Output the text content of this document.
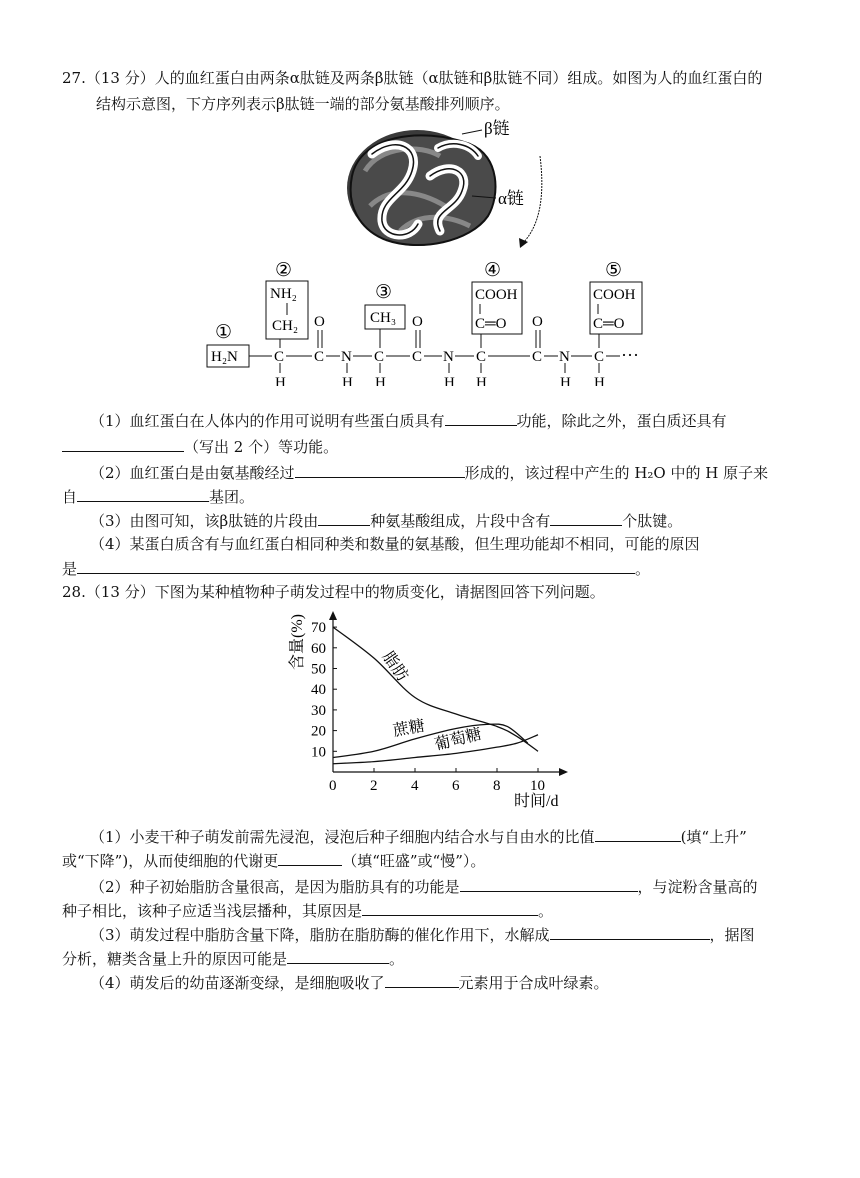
27.（13 分）人的血红蛋白由两条α肽链及两条β肽链（α肽链和β肽链不同）组成。如图为人的血红蛋白的
结构示意图，下方序列表示β肽链一端的部分氨基酸排列顺序。
β链
α链
①
②
③
④	⑤
H₂N
NH₂
CH₂	CH₃
COOH
C═O
COOH
C═O
C
H
C
O
N
H
C
H
C
O
N
H
C
H
C
O
N
H
C
H
···
（1）血红蛋白在人体内的作用可说明有些蛋白质具有	功能，除此之外，蛋白质还具有
（写出 2 个）等功能。
（2）血红蛋白是由氨基酸经过	形成的，该过程中产生的 H₂O 中的 H 原子来
自	基团。
（3）由图可知，该β肽链的片段由	种氨基酸组成，片段中含有	个肽键。
（4）某蛋白质含有与血红蛋白相同种类和数量的氨基酸，但生理功能却不相同，可能的原因
是	。
28.（13 分）下图为某种植物种子萌发过程中的物质变化，请据图回答下列问题。
0 2 4 6 8 10
10
20
30
40
50
60
70
含量(%)
时间/d
脂肪
蔗糖 葡萄糖
（1）小麦干种子萌发前需先浸泡，浸泡后种子细胞内结合水与自由水的比值	(填“上升”
或“下降”)，从而使细胞的代谢更	（填“旺盛”或“慢”）。
（2）种子初始脂肪含量很高，是因为脂肪具有的功能是	，与淀粉含量高的
种子相比，该种子应适当浅层播种，其原因是	。
（3）萌发过程中脂肪含量下降，脂肪在脂肪酶的催化作用下，水解成	，据图
分析，糖类含量上升的原因可能是	。
（4）萌发后的幼苗逐渐变绿，是细胞吸收了	元素用于合成叶绿素。
